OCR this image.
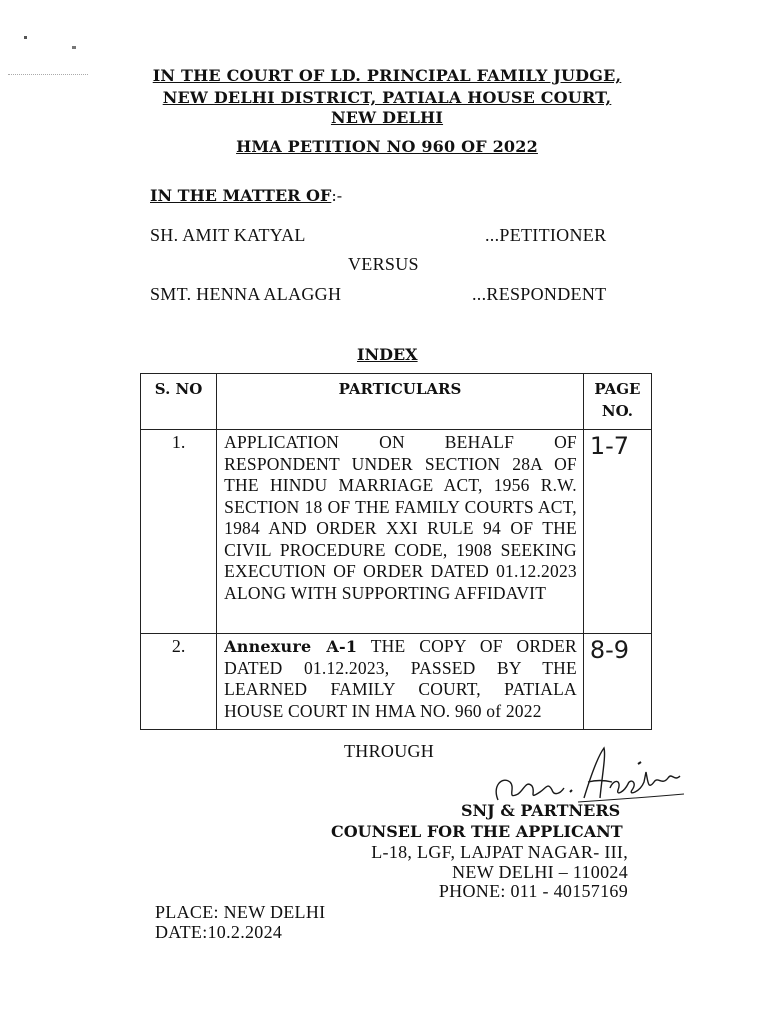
IN THE COURT OF LD. PRINCIPAL FAMILY JUDGE,
NEW DELHI DISTRICT, PATIALA HOUSE COURT,
NEW DELHI
HMA PETITION NO 960 OF 2022
IN THE MATTER OF:-
SH. AMIT KATYAL	...PETITIONER
VERSUS
SMT. HENNA ALAGGH	...RESPONDENT
INDEX
S. NO	PARTICULARS	PAGE NO.
1.	APPLICATION ON BEHALF OF RESPONDENT UNDER SECTION 28A OF THE HINDU MARRIAGE ACT, 1956 R.W. SECTION 18 OF THE FAMILY COURTS ACT, 1984 AND ORDER XXI RULE 94 OF THE CIVIL PROCEDURE CODE, 1908 SEEKING EXECUTION OF ORDER DATED 01.12.2023 ALONG WITH SUPPORTING AFFIDAVIT	1-7

2.	Annexure A-1 THE COPY OF ORDER DATED 01.12.2023, PASSED BY THE LEARNED FAMILY COURT, PATIALA HOUSE COURT IN HMA NO. 960 of 2022	8-9
THROUGH
SNJ & PARTNERS
COUNSEL FOR THE APPLICANT
L-18, LGF, LAJPAT NAGAR- III,
NEW DELHI – 110024
PHONE: 011 - 40157169
PLACE: NEW DELHI
DATE:10.2.2024
